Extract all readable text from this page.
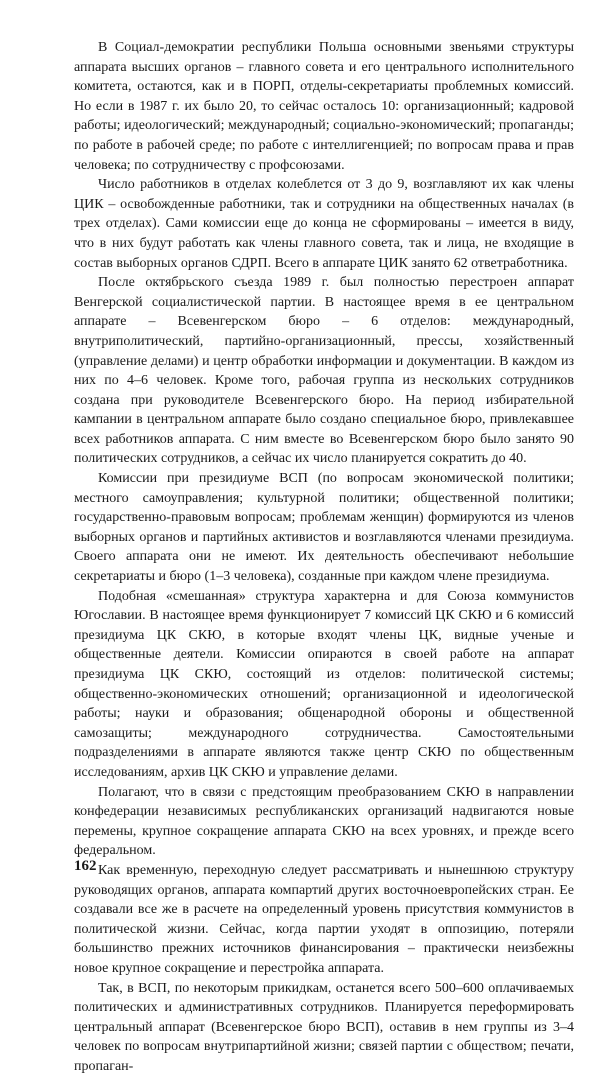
В Социал-демократии республики Польша основными звеньями структуры аппарата высших органов – главного совета и его центрального исполнительного комитета, остаются, как и в ПОРП, отделы-секретариаты проблемных комиссий. Но если в 1987 г. их было 20, то сейчас осталось 10: организационный; кадровой работы; идеологический; международный; социально-экономический; пропаганды; по работе в рабочей среде; по работе с интеллигенцией; по вопросам права и прав человека; по сотрудничеству с профсоюзами.

Число работников в отделах колеблется от 3 до 9, возглавляют их как члены ЦИК – освобожденные работники, так и сотрудники на общественных началах (в трех отделах). Сами комиссии еще до конца не сформированы – имеется в виду, что в них будут работать как члены главного совета, так и лица, не входящие в состав выборных органов СДРП. Всего в аппарате ЦИК занято 62 ответработника.

После октябрьского съезда 1989 г. был полностью перестроен аппарат Венгерской социалистической партии. В настоящее время в ее центральном аппарате – Всевенгерском бюро – 6 отделов: международный, внутриполитический, партийно-организационный, прессы, хозяйственный (управление делами) и центр обработки информации и документации. В каждом из них по 4–6 человек. Кроме того, рабочая группа из нескольких сотрудников создана при руководителе Всевенгерского бюро. На период избирательной кампании в центральном аппарате было создано специальное бюро, привлекавшее всех работников аппарата. С ним вместе во Всевенгерском бюро было занято 90 политических сотрудников, а сейчас их число планируется сократить до 40.

Комиссии при президиуме ВСП (по вопросам экономической политики; местного самоуправления; культурной политики; общественной политики; государственно-правовым вопросам; проблемам женщин) формируются из членов выборных органов и партийных активистов и возглавляются членами президиума. Своего аппарата они не имеют. Их деятельность обеспечивают небольшие секретариаты и бюро (1–3 человека), созданные при каждом члене президиума.

Подобная «смешанная» структура характерна и для Союза коммунистов Югославии. В настоящее время функционирует 7 комиссий ЦК СКЮ и 6 комиссий президиума ЦК СКЮ, в которые входят члены ЦК, видные ученые и общественные деятели. Комиссии опираются в своей работе на аппарат президиума ЦК СКЮ, состоящий из отделов: политической системы; общественно-экономических отношений; организационной и идеологической работы; науки и образования; общенародной обороны и общественной самозащиты; международного сотрудничества. Самостоятельными подразделениями в аппарате являются также центр СКЮ по общественным исследованиям, архив ЦК СКЮ и управление делами.

Полагают, что в связи с предстоящим преобразованием СКЮ в направлении конфедерации независимых республиканских организаций надвигаются новые перемены, крупное сокращение аппарата СКЮ на всех уровнях, и прежде всего федеральном.

Как временную, переходную следует рассматривать и нынешнюю структуру руководящих органов, аппарата компартий других восточноевропейских стран. Ее создавали все же в расчете на определенный уровень присутствия коммунистов в политической жизни. Сейчас, когда партии уходят в оппозицию, потеряли большинство прежних источников финансирования – практически неизбежны новое крупное сокращение и перестройка аппарата.

Так, в ВСП, по некоторым прикидкам, останется всего 500–600 оплачиваемых политических и административных сотрудников. Планируется переформировать центральный аппарат (Всевенгерское бюро ВСП), оставив в нем группы из 3–4 человек по вопросам внутрипартийной жизни; связей партии с обществом; печати, пропаган-

162
